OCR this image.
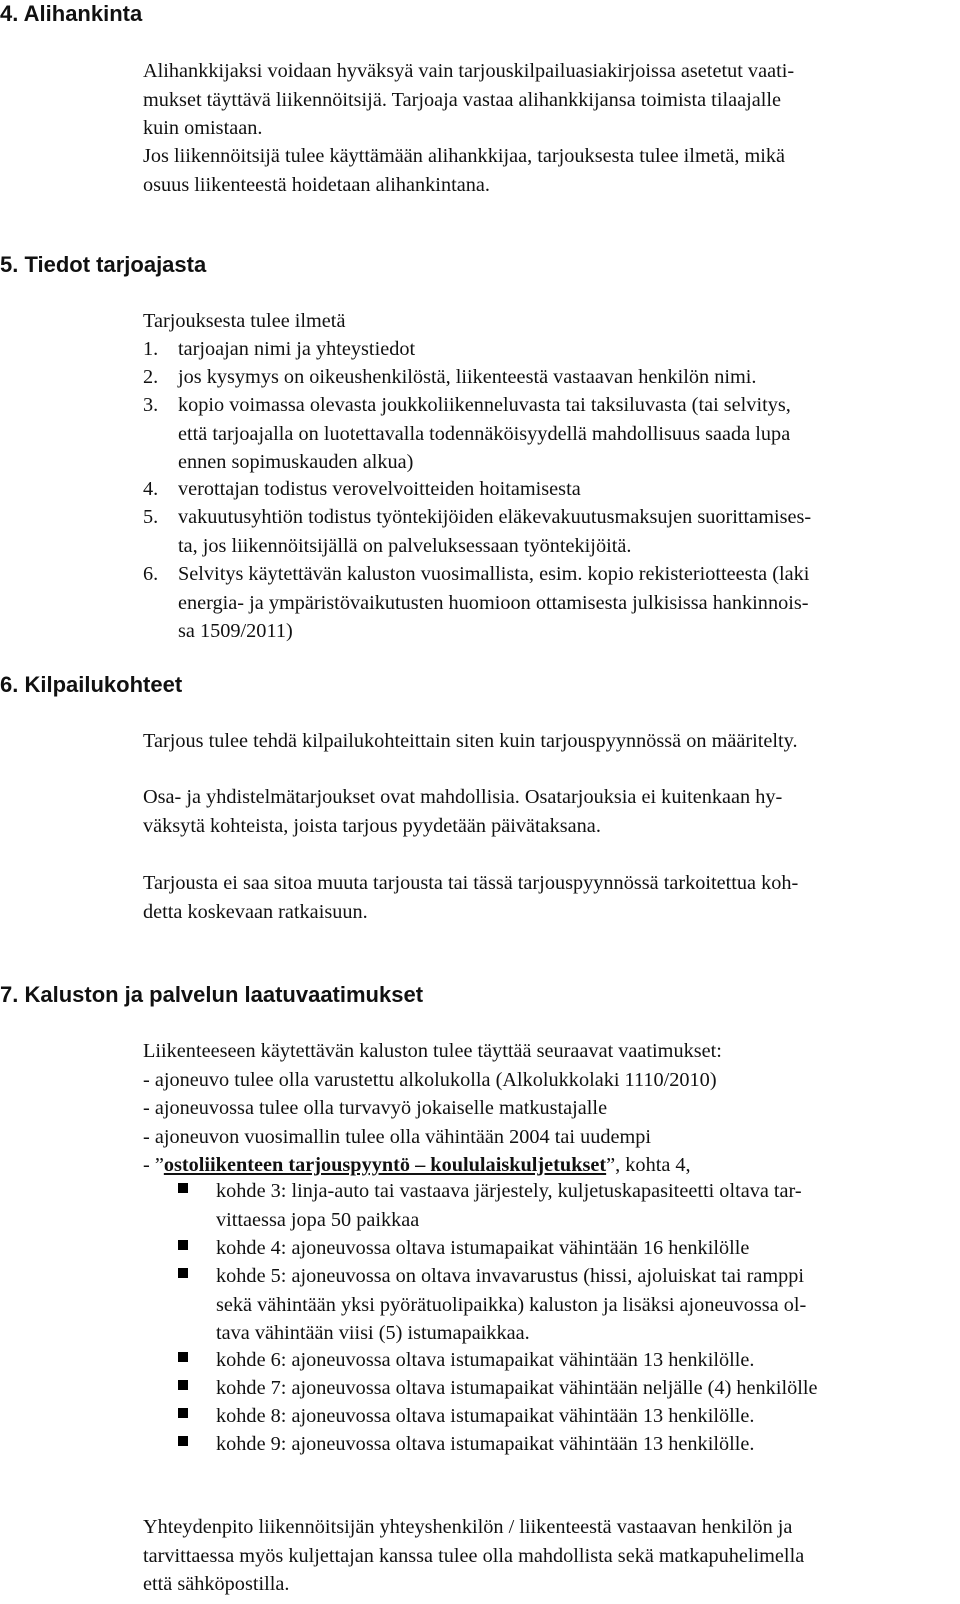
4. Alihankinta
Alihankkijaksi voidaan hyväksyä vain tarjouskilpailuasiakirjoissa asetetut vaati-
mukset täyttävä liikennöitsijä. Tarjoaja vastaa alihankkijansa toimista tilaajalle
kuin omistaan.
Jos liikennöitsijä tulee käyttämään alihankkijaa, tarjouksesta tulee ilmetä, mikä
osuus liikenteestä hoidetaan alihankintana.
5. Tiedot tarjoajasta
Tarjouksesta tulee ilmetä
1. tarjoajan nimi ja yhteystiedot
2. jos kysymys on oikeushenkilöstä, liikenteestä vastaavan henkilön nimi.
3. kopio voimassa olevasta joukkoliikenneluvasta tai taksiluvasta (tai selvitys,
että tarjoajalla on luotettavalla todennäköisyydellä mahdollisuus saada lupa
ennen sopimuskauden alkua)
4. verottajan todistus verovelvoitteiden hoitamisesta
5. vakuutusyhtiön todistus työntekijöiden eläkevakuutusmaksujen suorittamises-
ta, jos liikennöitsijällä on palveluksessaan työntekijöitä.
6. Selvitys käytettävän kaluston vuosimallista, esim. kopio rekisteriotteesta (laki
energia- ja ympäristövaikutusten huomioon ottamisesta julkisissa hankinnois-
sa 1509/2011)
6. Kilpailukohteet
Tarjous tulee tehdä kilpailukohteittain siten kuin tarjouspyynnössä on määritelty.
Osa- ja yhdistelmätarjoukset ovat mahdollisia. Osatarjouksia ei kuitenkaan hy-
väksytä kohteista, joista tarjous pyydetään päivätaksana.
Tarjousta ei saa sitoa muuta tarjousta tai tässä tarjouspyynnössä tarkoitettua koh-
detta koskevaan ratkaisuun.
7. Kaluston ja palvelun laatuvaatimukset
Liikenteeseen käytettävän kaluston tulee täyttää seuraavat vaatimukset:
- ajoneuvo tulee olla varustettu alkolukolla (Alkolukkolaki 1110/2010)
- ajoneuvossa tulee olla turvavyö jokaiselle matkustajalle
- ajoneuvon vuosimallin tulee olla vähintään 2004 tai uudempi
- ”ostoliikenteen tarjouspyyntö – koululaiskuljetukset”, kohta 4,
kohde 3: linja-auto tai vastaava järjestely, kuljetuskapasiteetti oltava tar-
vittaessa jopa 50 paikkaa
kohde 4: ajoneuvossa oltava istumapaikat vähintään 16 henkilölle
kohde 5: ajoneuvossa on oltava invavarustus (hissi, ajoluiskat tai ramppi
sekä vähintään yksi pyörätuolipaikka) kaluston ja lisäksi ajoneuvossa ol-
tava vähintään viisi (5) istumapaikkaa.
kohde 6: ajoneuvossa oltava istumapaikat vähintään 13 henkilölle.
kohde 7: ajoneuvossa oltava istumapaikat vähintään neljälle (4) henkilölle
kohde 8: ajoneuvossa oltava istumapaikat vähintään 13 henkilölle.
kohde 9: ajoneuvossa oltava istumapaikat vähintään 13 henkilölle.
Yhteydenpito liikennöitsijän yhteyshenkilön / liikenteestä vastaavan henkilön ja
tarvittaessa myös kuljettajan kanssa tulee olla mahdollista sekä matkapuhelimella
että sähköpostilla.
